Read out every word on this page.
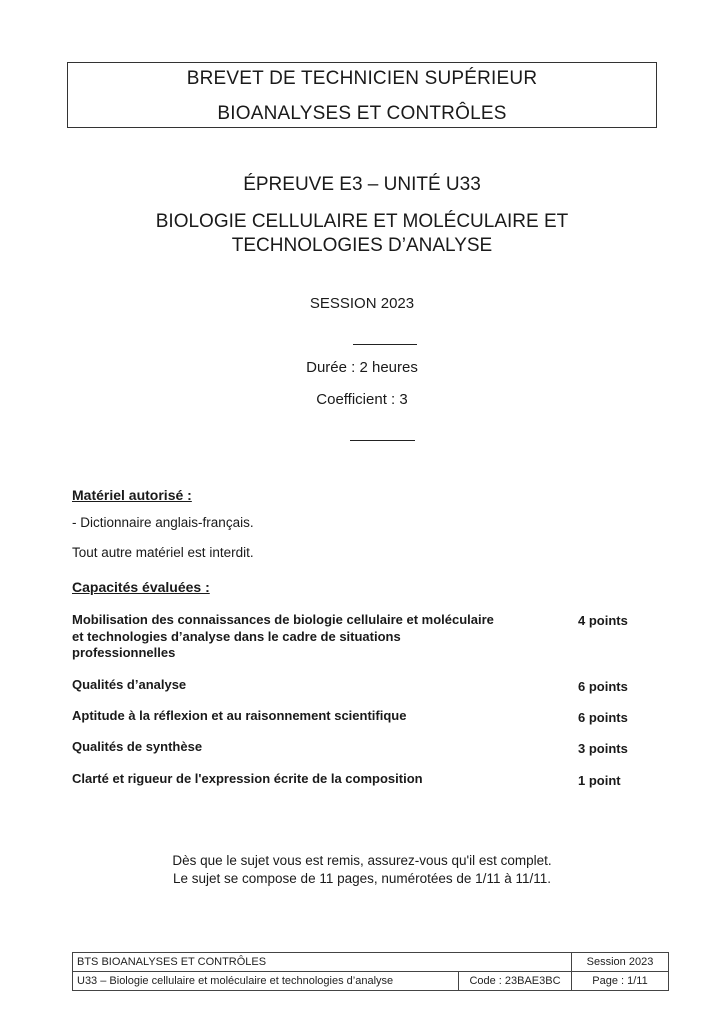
BREVET DE TECHNICIEN SUPÉRIEUR
BIOANALYSES ET CONTRÔLES
ÉPREUVE E3 – UNITÉ U33
BIOLOGIE CELLULAIRE ET MOLÉCULAIRE ET
TECHNOLOGIES D’ANALYSE
SESSION 2023
Durée : 2 heures
Coefficient : 3
Matériel autorisé :
- Dictionnaire anglais-français.
Tout autre matériel est interdit.
Capacités évaluées :
Mobilisation des connaissances de biologie cellulaire et moléculaire
et technologies d’analyse dans le cadre de situations
professionnelles
4 points
Qualités d’analyse	6 points
Aptitude à la réflexion et au raisonnement scientifique	6 points
Qualités de synthèse	3 points
Clarté et rigueur de l'expression écrite de la composition	1 point
Dès que le sujet vous est remis, assurez-vous qu'il est complet.
Le sujet se compose de 11 pages, numérotées de 1/11 à 11/11.
BTS BIOANALYSES ET CONTRÔLES		Session 2023
U33 – Biologie cellulaire et moléculaire et technologies d’analyse	Code : 23BAE3BC	Page : 1/11
